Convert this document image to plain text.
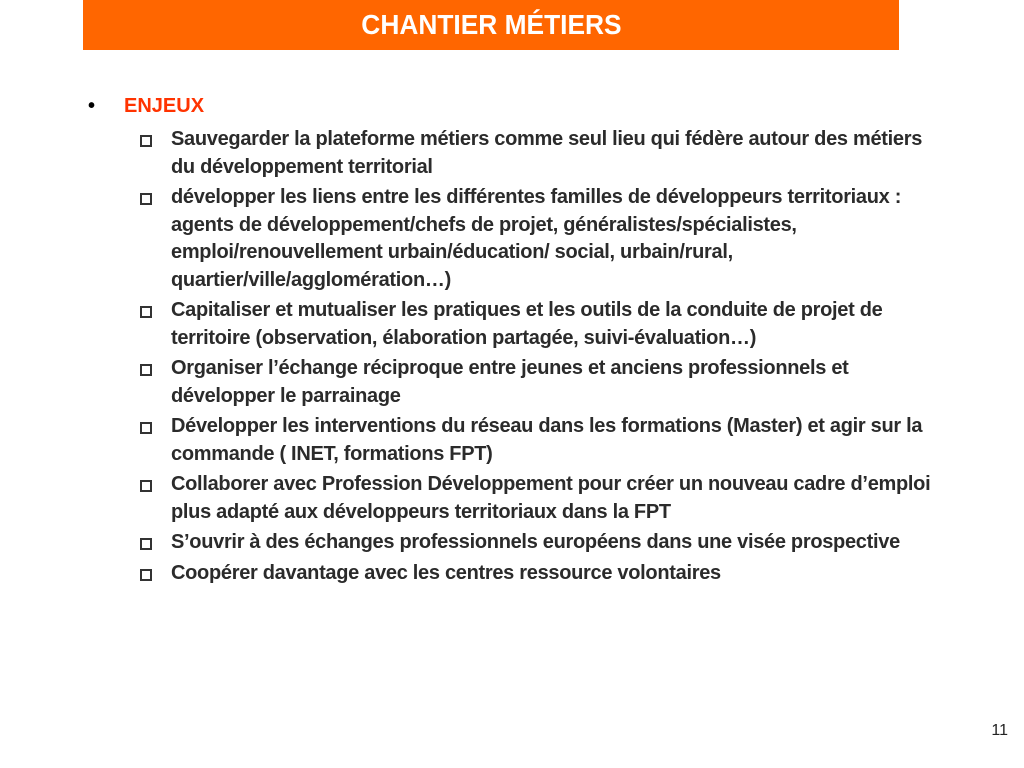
CHANTIER MÉTIERS
•	ENJEUX
Sauvegarder la plateforme métiers comme seul lieu qui fédère autour des métiers du développement territorial
développer les liens entre les différentes familles de développeurs territoriaux : agents de développement/chefs de projet, généralistes/spécialistes, emploi/renouvellement urbain/éducation/ social, urbain/rural, quartier/ville/agglomération…)
Capitaliser et mutualiser les pratiques et les outils de la conduite de projet de territoire (observation, élaboration partagée, suivi-évaluation…)
Organiser l’échange réciproque entre jeunes et anciens professionnels et développer le parrainage
Développer les interventions du réseau dans les formations (Master) et agir sur la commande ( INET, formations FPT)
Collaborer avec Profession Développement pour créer un nouveau cadre d’emploi plus adapté aux développeurs territoriaux dans la FPT
S’ouvrir à des échanges professionnels européens dans une visée prospective
Coopérer davantage avec les centres ressource volontaires
11
